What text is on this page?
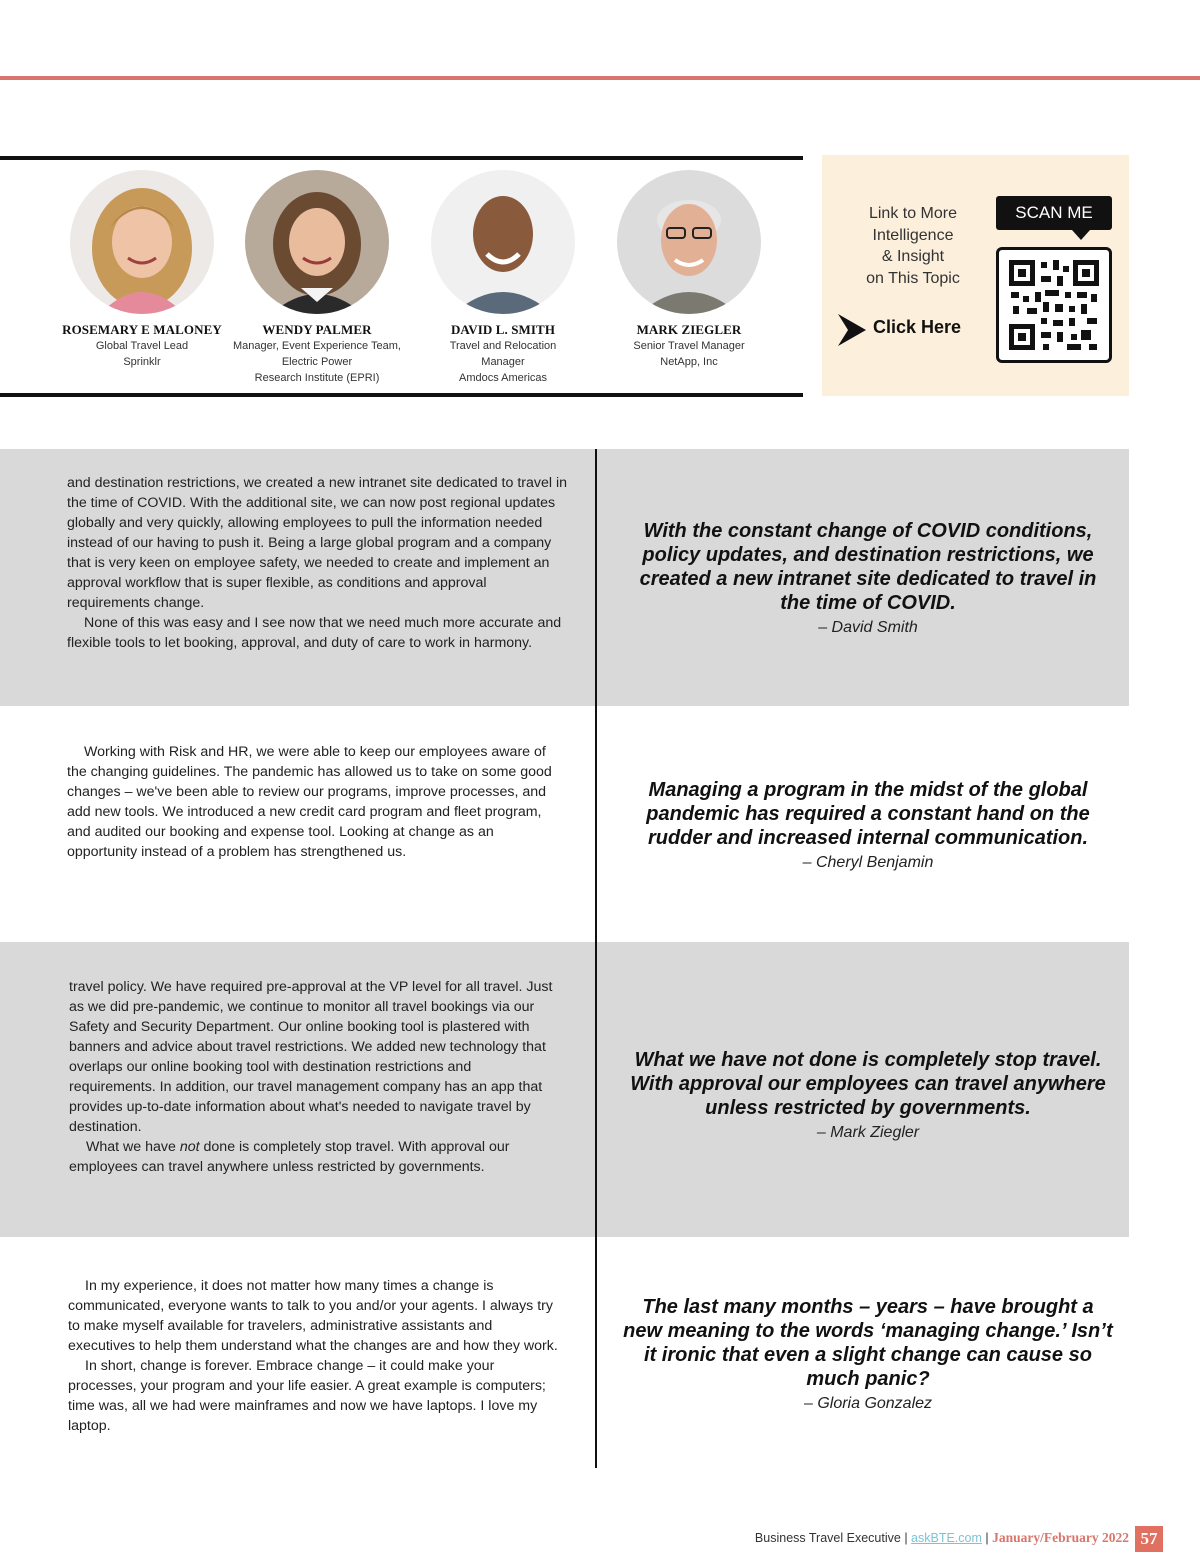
ROSEMARY E MALONEY
Global Travel Lead
Sprinklr
WENDY PALMER
Manager, Event Experience Team,
Electric Power
Research Institute (EPRI)
DAVID L. SMITH
Travel and Relocation
Manager
Amdocs Americas
MARK ZIEGLER
Senior Travel Manager
NetApp, Inc
Link to More
Intelligence
& Insight
on This Topic
Click Here
SCAN ME

and destination restrictions, we created a new intranet site dedicated to travel in the time of COVID. With the additional site, we can now post regional updates globally and very quickly, allowing employees to pull the information needed instead of our having to push it. Being a large global program and a company that is very keen on employee safety, we needed to create and implement an approval workflow that is super flexible, as conditions and approval requirements change.

None of this was easy and I see now that we need much more accurate and flexible tools to let booking, approval, and duty of care to work in harmony.

With the constant change of COVID conditions, policy updates, and destination restrictions, we created a new intranet site dedicated to travel in the time of COVID.
– David Smith

Working with Risk and HR, we were able to keep our employees aware of the changing guidelines. The pandemic has allowed us to take on some good changes – we've been able to review our programs, improve processes, and add new tools. We introduced a new credit card program and fleet program, and audited our booking and expense tool. Looking at change as an opportunity instead of a problem has strengthened us.

Managing a program in the midst of the global pandemic has required a constant hand on the rudder and increased internal communication.
– Cheryl Benjamin

travel policy. We have required pre-approval at the VP level for all travel. Just as we did pre-pandemic, we continue to monitor all travel bookings via our Safety and Security Department. Our online booking tool is plastered with banners and advice about travel restrictions. We added new technology that overlaps our online booking tool with destination restrictions and requirements. In addition, our travel management company has an app that provides up-to-date information about what's needed to navigate travel by destination.

What we have not done is completely stop travel. With approval our employees can travel anywhere unless restricted by governments.

What we have not done is completely stop travel. With approval our employees can travel anywhere unless restricted by governments.
– Mark Ziegler

In my experience, it does not matter how many times a change is communicated, everyone wants to talk to you and/or your agents. I always try to make myself available for travelers, administrative assistants and executives to help them understand what the changes are and how they work.

In short, change is forever. Embrace change – it could make your processes, your program and your life easier. A great example is computers; time was, all we had were mainframes and now we have laptops. I love my laptop.

The last many months – years – have brought a new meaning to the words ‘managing change.’ Isn’t it ironic that even a slight change can cause so much panic?
– Gloria Gonzalez
Business Travel Executive | askBTE.com | January/February 2022 57
